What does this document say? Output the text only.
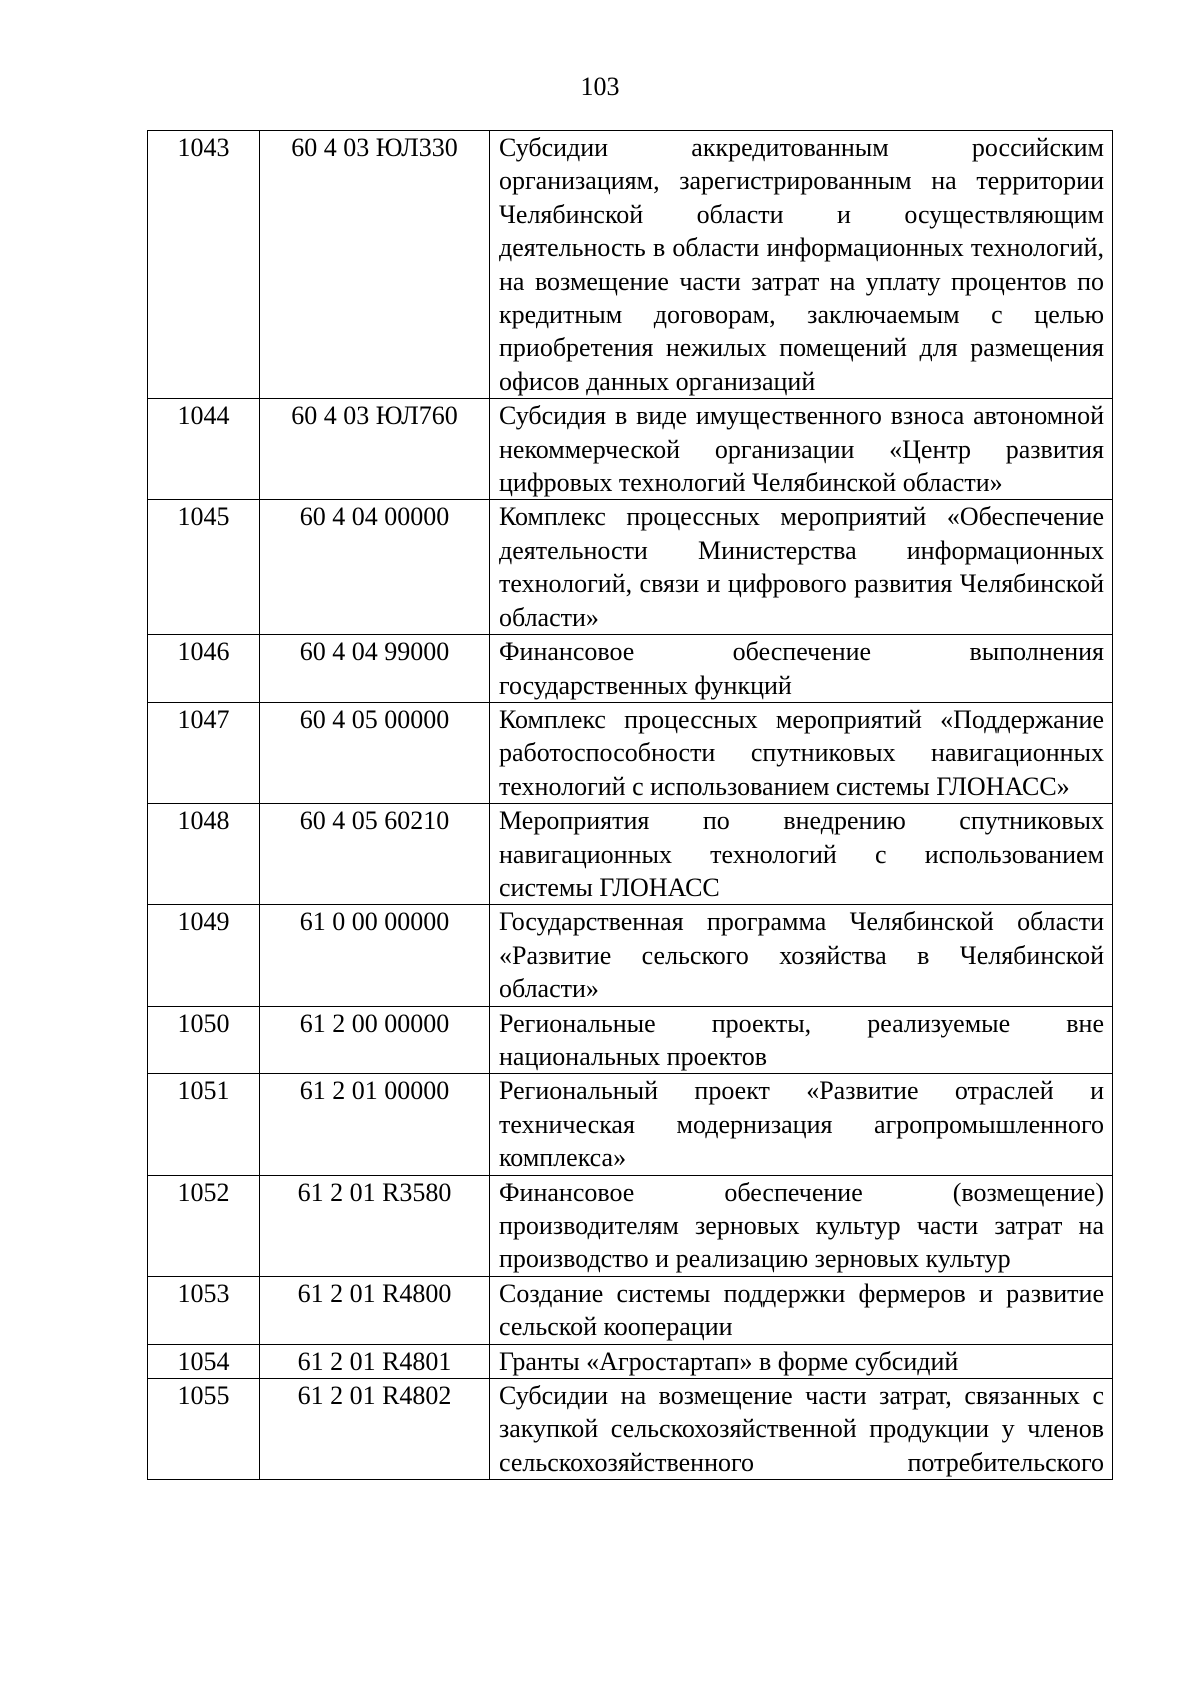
103
1043	60 4 03 ЮЛ330	Субсидии аккредитованным российским организациям, зарегистрированным на территории Челябинской области и осуществляющим деятельность в области информационных технологий, на возмещение части затрат на уплату процентов по кредитным договорам, заключаемым с целью приобретения нежилых помещений для размещения офисов данных организаций
1044	60 4 03 ЮЛ760	Субсидия в виде имущественного взноса автономной некоммерческой организации «Центр развития цифровых технологий Челябинской области»
1045	60 4 04 00000	Комплекс процессных мероприятий «Обеспечение деятельности Министерства информационных технологий, связи и цифрового развития Челябинской области»
1046	60 4 04 99000	Финансовое обеспечение выполнения государственных функций
1047	60 4 05 00000	Комплекс процессных мероприятий «Поддержание работоспособности спутниковых навигационных технологий с использованием системы ГЛОНАСС»
1048	60 4 05 60210	Мероприятия по внедрению спутниковых навигационных технологий с использованием системы ГЛОНАСС
1049	61 0 00 00000	Государственная программа Челябинской области «Развитие сельского хозяйства в Челябинской области»
1050	61 2 00 00000	Региональные проекты, реализуемые вне национальных проектов
1051	61 2 01 00000	Региональный проект «Развитие отраслей и техническая модернизация агропромышленного комплекса»
1052	61 2 01 R3580	Финансовое обеспечение (возмещение) производителям зерновых культур части затрат на производство и реализацию зерновых культур
1053	61 2 01 R4800	Создание системы поддержки фермеров и развитие сельской кооперации
1054	61 2 01 R4801	Гранты «Агростартап» в форме субсидий
1055	61 2 01 R4802	Субсидии на возмещение части затрат, связанных с закупкой сельскохозяйственной продукции у членов сельскохозяйственного потребительского
